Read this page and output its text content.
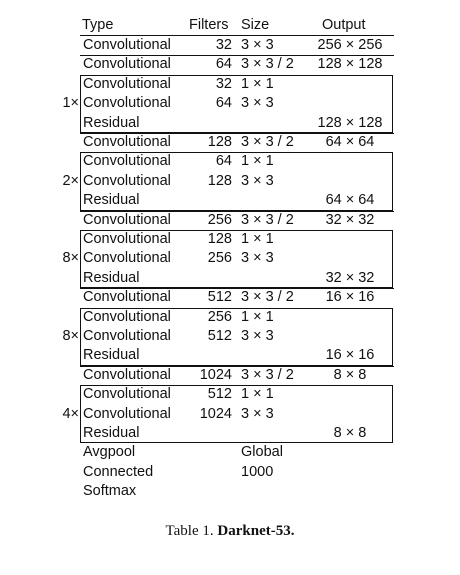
Type	Filters Size	Output
Convolutional	32 3 × 3	256 × 256
Convolutional	64 3 × 3 / 2	128 × 128
Convolutional	32 1 × 1
1× Convolutional	64 3 × 3
Residual	128 × 128
Convolutional	128 3 × 3 / 2	64 × 64
Convolutional	64 1 × 1
2× Convolutional	128 3 × 3
Residual	64 × 64
Convolutional	256 3 × 3 / 2	32 × 32
Convolutional	128 1 × 1
8× Convolutional	256 3 × 3
Residual	32 × 32
Convolutional	512 3 × 3 / 2	16 × 16
Convolutional	256 1 × 1
8× Convolutional	512 3 × 3
Residual	16 × 16
Convolutional	1024 3 × 3 / 2	8 × 8
Convolutional	512 1 × 1
4× Convolutional	1024 3 × 3
Residual	8 × 8
Avgpool	Global
Connected	1000
Softmax
Table 1. Darknet-53.
